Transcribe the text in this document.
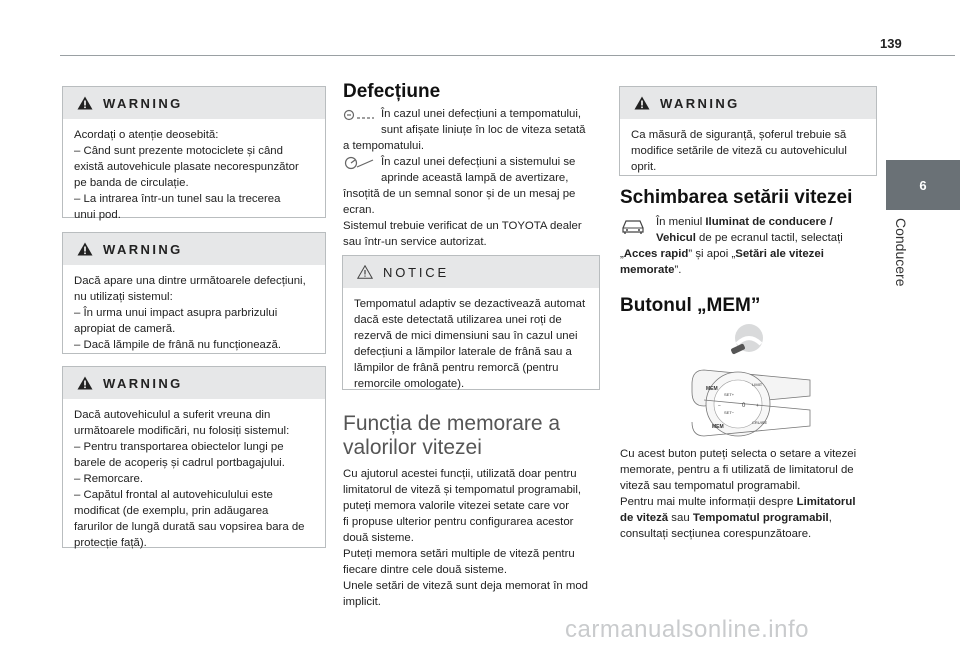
139
6
Conducere
WARNING

Acordați o atenție deosebită:

– Când sunt prezente motociclete și când

există autovehicule plasate necorespunzător

pe banda de circulație.

– La intrarea într-un tunel sau la trecerea

unui pod.

WARNING

Dacă apare una dintre următoarele defecțiuni,

nu utilizați sistemul:

– În urma unui impact asupra parbrizului

apropiat de cameră.

– Dacă lămpile de frână nu funcționează.

WARNING

Dacă autovehiculul a suferit vreuna din

următoarele modificări, nu folosiți sistemul:

– Pentru transportarea obiectelor lungi pe

barele de acoperiș și cadrul portbagajului.

– Remorcare.

– Capătul frontal al autovehiculului este

modificat (de exemplu, prin adăugarea

farurilor de lungă durată sau vopsirea bara de

protecție față).

Defecțiune

În cazul unei defecțiuni a tempomatului,

sunt afișate liniuțe în loc de viteza setată

a tempomatului.

În cazul unei defecțiuni a sistemului se

aprinde această lampă de avertizare,

însoțită de un semnal sonor și de un mesaj pe

ecran.

Sistemul trebuie verificat de un TOYOTA dealer

sau într-un service autorizat.

NOTICE

Tempomatul adaptiv se dezactivează automat

dacă este detectată utilizarea unei roți de

rezervă de mici dimensiuni sau în cazul unei

defecțiuni a lămpilor laterale de frână sau a

lămpilor de frână pentru remorcă (pentru

remorcile omologate).

Funcția de memorare a
valorilor vitezei

Cu ajutorul acestei funcții, utilizată doar pentru

limitatorul de viteză și tempomatul programabil,

puteți memora valorile vitezei setate care vor

fi propuse ulterior pentru configurarea acestor

două sisteme.

Puteți memora setări multiple de viteză pentru

fiecare dintre cele două sisteme.

Unele setări de viteză sunt deja memorat în mod

implicit.

WARNING

Ca măsură de siguranță, șoferul trebuie să

modifice setările de viteză cu autovehiculul

oprit.

Schimbarea setării vitezei

În meniul Iluminat de conducere /

Vehicul de pe ecranul tactil, selectați

„Acces rapid” și apoi „Setări ale vitezei

memorate”.

Butonul „MEM”
MEM
MEM
SET+
SET−
LIMIT
CRUISE
0
−	+

Cu acest buton puteți selecta o setare a vitezei

memorate, pentru a fi utilizată de limitatorul de

viteză sau tempomatul programabil.

Pentru mai multe informații despre Limitatorul

de viteză sau Tempomatul programabil,

consultați secțiunea corespunzătoare.

carmanualsonline.info
